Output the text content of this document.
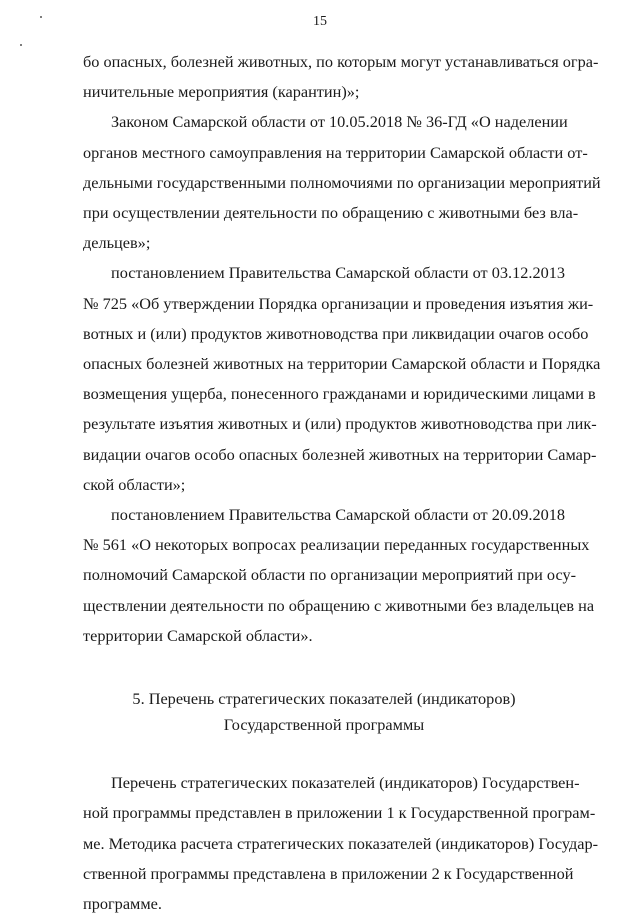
15
бо опасных, болезней животных, по которым могут устанавливаться огра-
ничительные мероприятия (карантин)»;
Законом Самарской области от 10.05.2018 № 36-ГД «О наделении
органов местного самоуправления на территории Самарской области от-
дельными государственными полномочиями по организации мероприятий
при осуществлении деятельности по обращению с животными без вла-
дельцев»;
постановлением Правительства Самарской области от 03.12.2013
№ 725 «Об утверждении Порядка организации и проведения изъятия жи-
вотных и (или) продуктов животноводства при ликвидации очагов особо
опасных болезней животных на территории Самарской области и Порядка
возмещения ущерба, понесенного гражданами и юридическими лицами в
результате изъятия животных и (или) продуктов животноводства при лик-
видации очагов особо опасных болезней животных на территории Самар-
ской области»;
постановлением Правительства Самарской области от 20.09.2018
№ 561 «О некоторых вопросах реализации переданных государственных
полномочий Самарской области по организации мероприятий при осу-
ществлении деятельности по обращению с животными без владельцев на
территории Самарской области».
5. Перечень стратегических показателей (индикаторов)
Государственной программы
Перечень стратегических показателей (индикаторов) Государствен-
ной программы представлен в приложении 1 к Государственной програм-
ме. Методика расчета стратегических показателей (индикаторов) Государ-
ственной программы представлена в приложении 2 к Государственной
программе.
